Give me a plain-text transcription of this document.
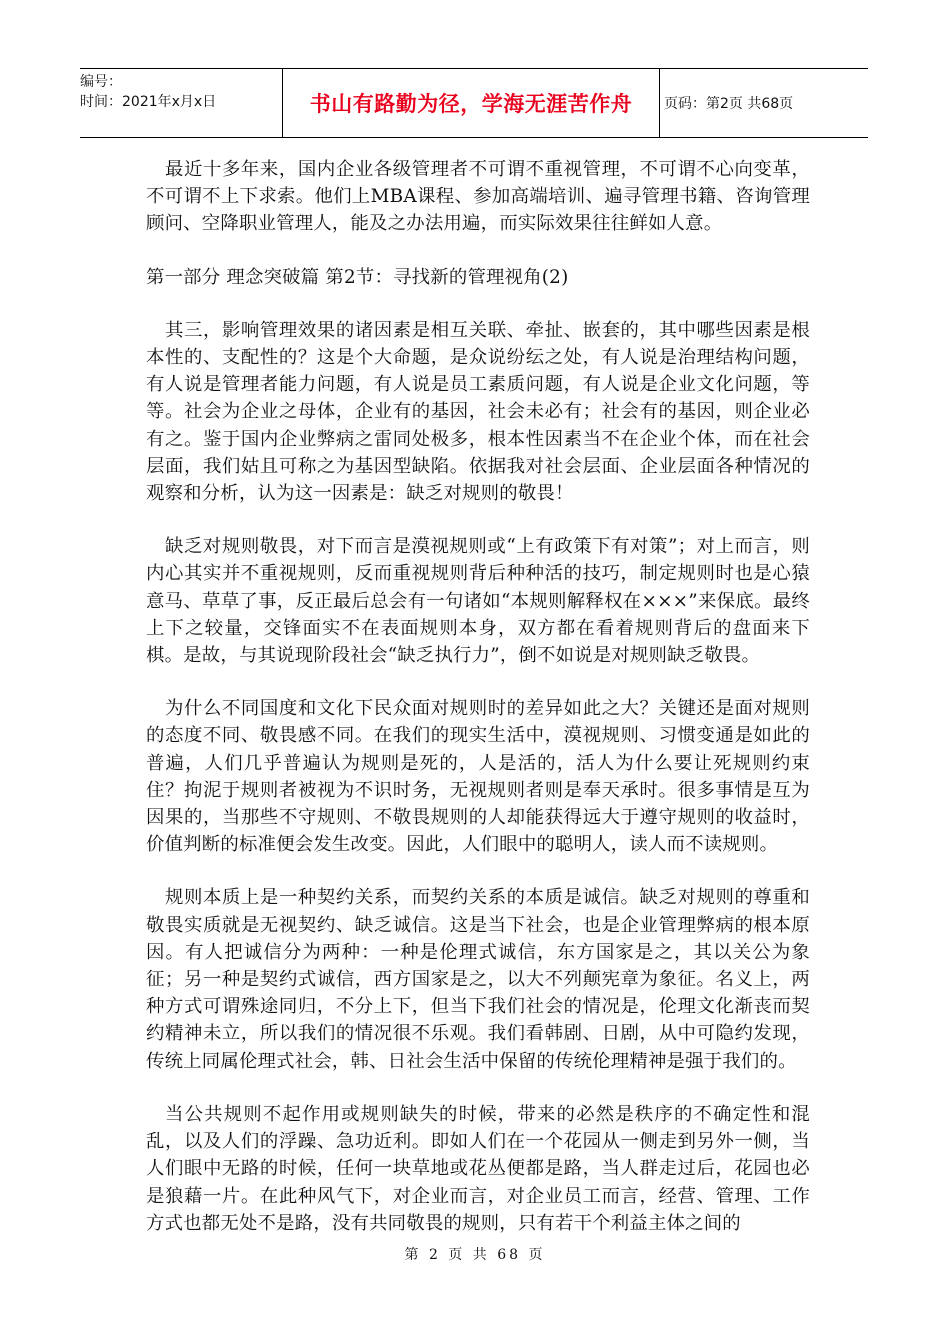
编号：
时间：2021年x月x日	书山有路勤为径，学海无涯苦作舟	页码：第2页 共68页

最近十多年来，国内企业各级管理者不可谓不重视管理，不可谓不心向变革，不可谓不上下求索。他们上MBA课程、参加高端培训、遍寻管理书籍、咨询管理顾问、空降职业管理人，能及之办法用遍，而实际效果往往鲜如人意。

第一部分 理念突破篇 第2节：寻找新的管理视角(2)

其三，影响管理效果的诸因素是相互关联、牵扯、嵌套的，其中哪些因素是根本性的、支配性的？这是个大命题，是众说纷纭之处，有人说是治理结构问题，有人说是管理者能力问题，有人说是员工素质问题，有人说是企业文化问题，等等。社会为企业之母体，企业有的基因，社会未必有；社会有的基因，则企业必有之。鉴于国内企业弊病之雷同处极多，根本性因素当不在企业个体，而在社会层面，我们姑且可称之为基因型缺陷。依据我对社会层面、企业层面各种情况的观察和分析，认为这一因素是：缺乏对规则的敬畏！

缺乏对规则敬畏，对下而言是漠视规则或“上有政策下有对策”；对上而言，则内心其实并不重视规则，反而重视规则背后种种活的技巧，制定规则时也是心猿意马、草草了事，反正最后总会有一句诸如“本规则解释权在×××”来保底。最终上下之较量，交锋面实不在表面规则本身，双方都在看着规则背后的盘面来下棋。是故，与其说现阶段社会“缺乏执行力”，倒不如说是对规则缺乏敬畏。

为什么不同国度和文化下民众面对规则时的差异如此之大？关键还是面对规则的态度不同、敬畏感不同。在我们的现实生活中，漠视规则、习惯变通是如此的普遍，人们几乎普遍认为规则是死的，人是活的，活人为什么要让死规则约束住？拘泥于规则者被视为不识时务，无视规则者则是奉天承时。很多事情是互为因果的，当那些不守规则、不敬畏规则的人却能获得远大于遵守规则的收益时，价值判断的标准便会发生改变。因此，人们眼中的聪明人，读人而不读规则。

规则本质上是一种契约关系，而契约关系的本质是诚信。缺乏对规则的尊重和敬畏实质就是无视契约、缺乏诚信。这是当下社会，也是企业管理弊病的根本原因。有人把诚信分为两种：一种是伦理式诚信，东方国家是之，其以关公为象征；另一种是契约式诚信，西方国家是之，以大不列颠宪章为象征。名义上，两种方式可谓殊途同归，不分上下，但当下我们社会的情况是，伦理文化渐丧而契约精神未立，所以我们的情况很不乐观。我们看韩剧、日剧，从中可隐约发现，传统上同属伦理式社会，韩、日社会生活中保留的传统伦理精神是强于我们的。

当公共规则不起作用或规则缺失的时候，带来的必然是秩序的不确定性和混乱，以及人们的浮躁、急功近利。即如人们在一个花园从一侧走到另外一侧，当人们眼中无路的时候，任何一块草地或花丛便都是路，当人群走过后，花园也必是狼藉一片。在此种风气下，对企业而言，对企业员工而言，经营、管理、工作方式也都无处不是路，没有共同敬畏的规则，只有若干个利益主体之间的

第 2 页 共 68 页
